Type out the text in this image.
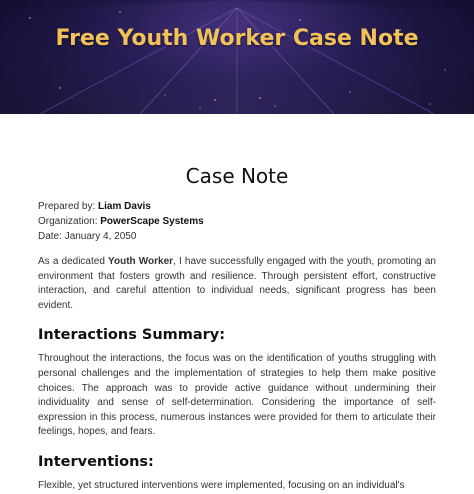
Free Youth Worker Case Note
Case Note
Prepared by: Liam Davis
Organization: PowerScape Systems
Date: January 4, 2050

As a dedicated Youth Worker, I have successfully engaged with the youth, promoting an environment that fosters growth and resilience. Through persistent effort, constructive interaction, and careful attention to individual needs, significant progress has been evident.

Interactions Summary:

Throughout the interactions, the focus was on the identification of youths struggling with personal challenges and the implementation of strategies to help them make positive choices. The approach was to provide active guidance without undermining their individuality and sense of self-determination. Considering the importance of self-expression in this process, numerous instances were provided for them to articulate their feelings, hopes, and fears.

Interventions:

Flexible, yet structured interventions were implemented, focusing on an individual's
